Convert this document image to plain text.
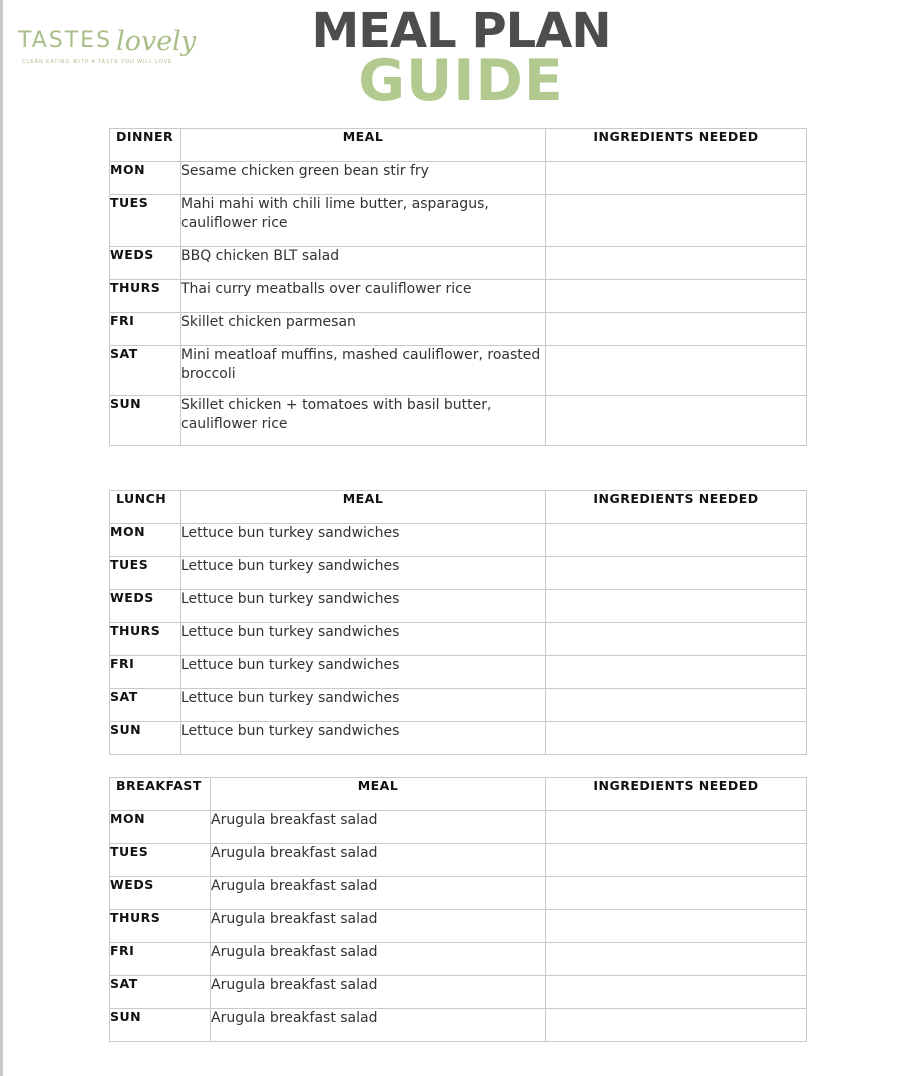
TASTES lovely
CLEAN EATING WITH A TASTE YOU WILL LOVE
MEAL PLAN
GUIDE
DINNER	MEAL	INGREDIENTS NEEDED
MON	Sesame chicken green bean stir fry	
TUES	Mahi mahi with chili lime butter, asparagus, cauliflower rice	
WEDS	BBQ chicken BLT salad	
THURS	Thai curry meatballs over cauliflower rice	
FRI	Skillet chicken parmesan	
SAT	Mini meatloaf muffins, mashed cauliflower, roasted broccoli	
SUN	Skillet chicken + tomatoes with basil butter, cauliflower rice	
LUNCH	MEAL	INGREDIENTS NEEDED
MON	Lettuce bun turkey sandwiches	
TUES	Lettuce bun turkey sandwiches	
WEDS	Lettuce bun turkey sandwiches	
THURS	Lettuce bun turkey sandwiches	
FRI	Lettuce bun turkey sandwiches	
SAT	Lettuce bun turkey sandwiches	
SUN	Lettuce bun turkey sandwiches	
BREAKFAST	MEAL	INGREDIENTS NEEDED
MON	Arugula breakfast salad	
TUES	Arugula breakfast salad	
WEDS	Arugula breakfast salad	
THURS	Arugula breakfast salad	
FRI	Arugula breakfast salad	
SAT	Arugula breakfast salad	
SUN	Arugula breakfast salad	
